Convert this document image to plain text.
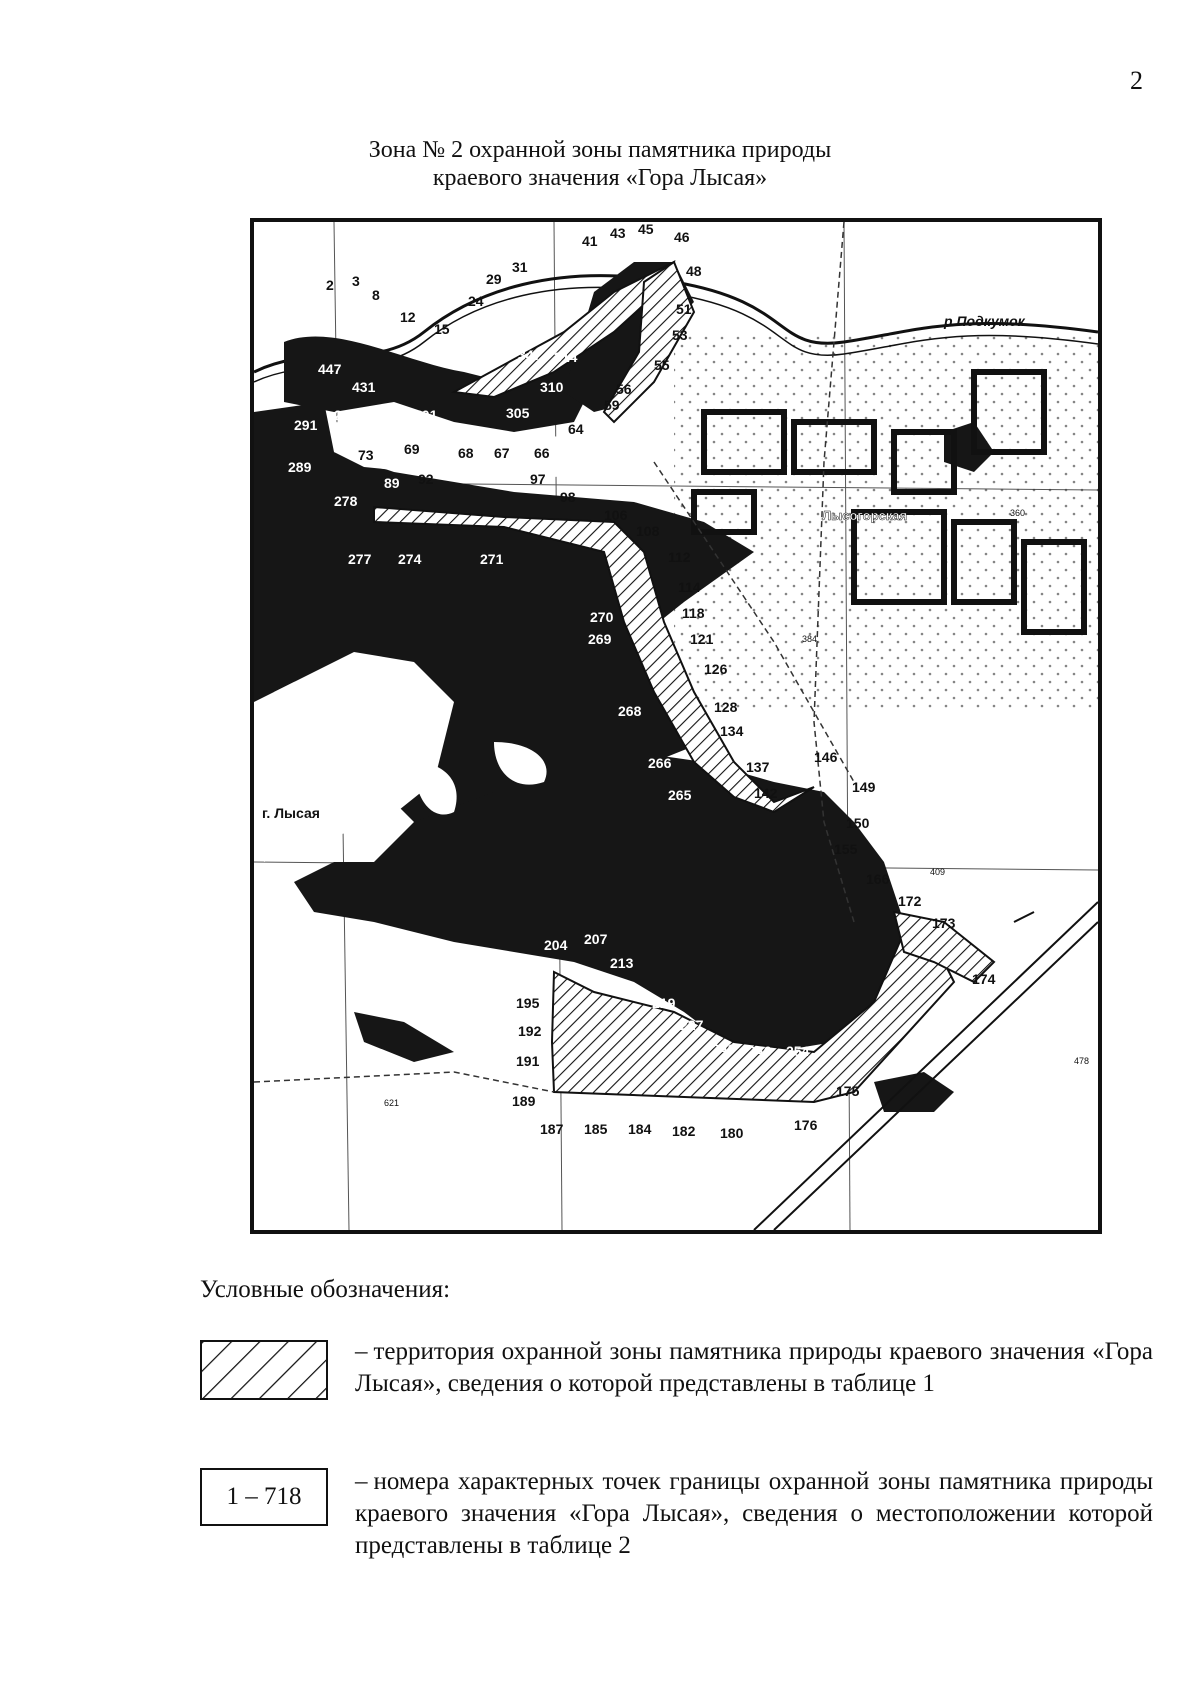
2
Зона № 2 охранной зоны памятника природы
краевого значения «Гора Лысая»
р.Подкумок
Лысогорская
г. Лысая
360
384
409
478
621
2 3
8
12
15
24
29
31
41 43 45 46
48
51
53
55
56
59
64
66
67
68
69
73
89 92	97
98
106
108
112
114
118
121
126
128
134
137
142
146
149
150
155
166
172
173
174
175
176
180
182
184
185
187
189
191
192
195
196
204 207
213
219
227
240 246 254
265
266
268
269
270
271
274
277
278
289
291
293 300	305
310
314
347
401
431
447
Условные обозначения:
– территория охранной зоны памятника природы краевого значения «Гора Лысая», сведения о которой представлены в таблице 1
1 – 718
– номера характерных точек границы охранной зоны памятника природы краевого значения «Гора Лысая», сведения о местоположении которой представлены в таблице 2
